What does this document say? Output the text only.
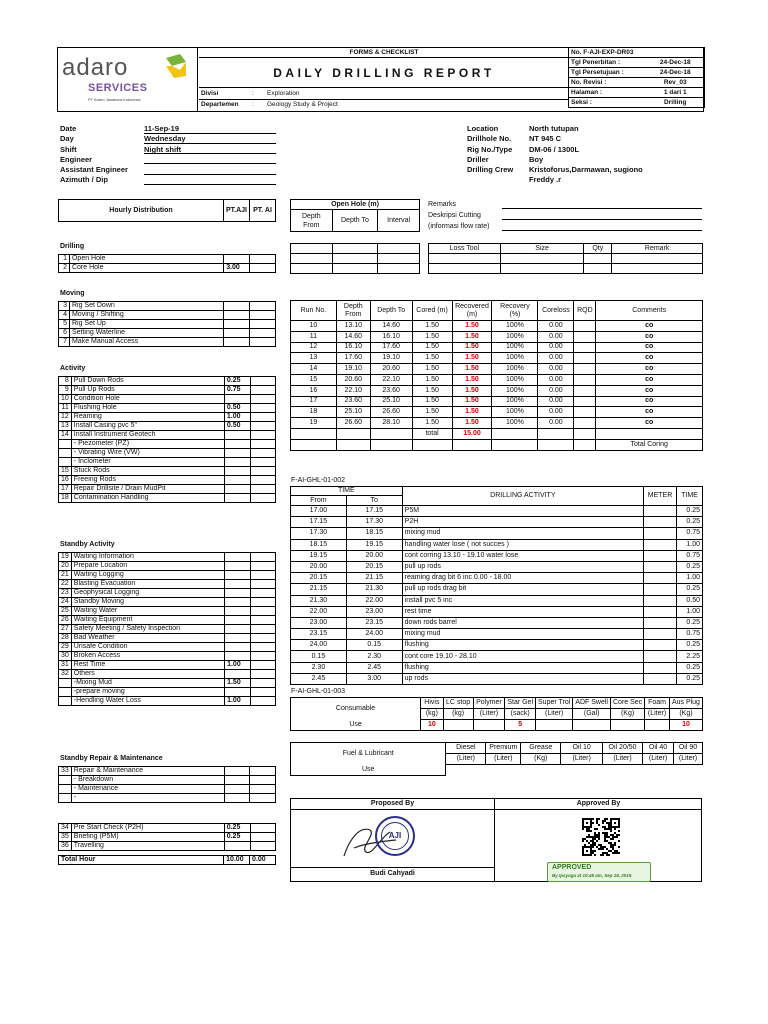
adaro
SERVICES
PT Adaro Jasabara Indonesia
FORMS & CHECKLIST
DAILY DRILLING REPORT
Divisi	: Exploration
Departemen : Geology Study & Project
No. F-AJI-EXP-DR03	
Tgl Penerbitan :	24-Dec-18
Tgl Persetujuan :	24-Dec-18
No. Revisi :	Rev_03
Halaman :	1 dari 1
Seksi :	Drilling
Date	11-Sep-19
Day	Wednesday
Shift	Night shift
Engineer
Assistant Engineer
Azimuth / Dip
Location	North tutupan
Drillhole No. NT 945 C
Rig No./Type DM-06 / 1300L
Driller	Boy
Drilling Crew Kristoforus,Darmawan, sugiono
Freddy .r
Hourly Distribution	PT.AJI	PT. AI
Drilling
1	Open Hole		
2	Core Hole	3.00	
Moving
3	Rig Set Down		
4	Moving / Shifting		
5	Rig Set Up		
6	Setting Waterline		
7	Make Manual Access		
Activity
8	Pull Down Rods	0.25	
9	Pull Up Rods	0.75	
10	Condition Hole		
11	Flushing Hole	0.50	
12	Reaming	1.00	
13	Install Casing pvc 5"	0.50	
14	Install Instrument Geotech		
	- Piezometer (PZ)		
	- Vibrating Wire (VW)		
	- Inclometer		
15	Stuck Rods		
16	Freeing Rods		
17	Repair Drillsite / Drain MudPit		
18	Contamination Handling		
Standby Activity
19	Waiting Information		
20	Prepare Location		
21	Waiting Logging		
22	Blasting Evacuation		
23	Geophysical Logging		
24	Standby Moving		
25	Waiting Water		
26	Waiting Equipment		
27	Safety Meeting / Safety Inspection		
28	Bad Weather		
29	Unsafe Condition		
30	Broken Access		
31	Rest Time	1.00	
32	Others		
	-Mixing Mud	1.50	
	-prepare moving		
	-Hendling Water Loss	1.00	
Standby Repair & Maintenance
33	Repair & Maintenance		
	- Breakdown		
	- Maintenance		
	-		
34	Pre Start Check (P2H)	0.25	
35	Briefing (P5M)	0.25	
36	Travelling		
Total Hour	10.00	0.00
Open Hole (m)
Depth From	Depth To	Interval
Remarks
Deskripsi Cutting
(informasi flow rate)

Loss Tool	Size	Qty	Remark

Run No.	Depth From	Depth To	Cored (m)	Recovered (m)	Recovery (%)	Coreloss	RQD	Comments
10	13.10	14.60	1.50	1.50	100%	0.00		co
11	14.60	16.10	1.50	1.50	100%	0.00		co
12	16.10	17.60	1.50	1.50	100%	0.00		co
13	17.60	19.10	1.50	1.50	100%	0.00		co
14	19.10	20.60	1.50	1.50	100%	0.00		co
15	20.60	22.10	1.50	1.50	100%	0.00		co
16	22.10	23.60	1.50	1.50	100%	0.00		co
17	23.60	25.10	1.50	1.50	100%	0.00		co
18	25.10	26.60	1.50	1.50	100%	0.00		co
19	26.60	28.10	1.50	1.50	100%	0.00		co
			total	15.00				
								Total Coring
F-AI-GHL-01-002
TIME		DRILLING ACTIVITY	METER	TIME
From	To			
17.00	17.15	P5M		0.25
17.15	17.30	P2H		0.25
17.30	18.15	mixing mud		0.75
18.15	19.15	handling water lose ( not succes )		1.00
19.15	20.00	cont corring 13.10 - 19.10 water lose		0.75
20.00	20.15	pull up rods		0.25
20.15	21.15	reaming drag bit 6 inc 0.00 - 18.00		1.00
21.15	21.30	pull up rods drag bit		0.25
21.30	22.00	install pvc 5 inc		0.50
22.00	23.00	rest time		1.00
23.00	23.15	down rods barrel		0.25
23.15	24.00	mixing mud		0.75
24.00	0.15	flushing		0.25
0.15	2.30	cont core 19.10 - 28.10		2.25
2.30	2.45	flushing		0.25
2.45	3.00	up rods		0.25
F-AI-GHL-01-003
Consumable	Hivis	LC stop	Polymer	Star Gel	Super Trol	ADF Swell	Core Sec	Foam	Aus Plug
	(kg)	(kg)	(Liter)	(sack)	(Liter)	(Gal)	(Kg)	(Liter)	(Kg)
Use	10			5					10
Fuel & Lubricant	Diesel	Premium	Grease	Oil 10	Oil 20/50	Oil 40	Oil 90
	(Liter)	(Liter)	(Kg)	(Liter)	(Liter)	(Liter)	(Liter)
Use							
Proposed By	Approved By
AJI
Budi Cahyadi
APPROVED
By Ipsyoga at 10:45 am, Sep 18, 2019
